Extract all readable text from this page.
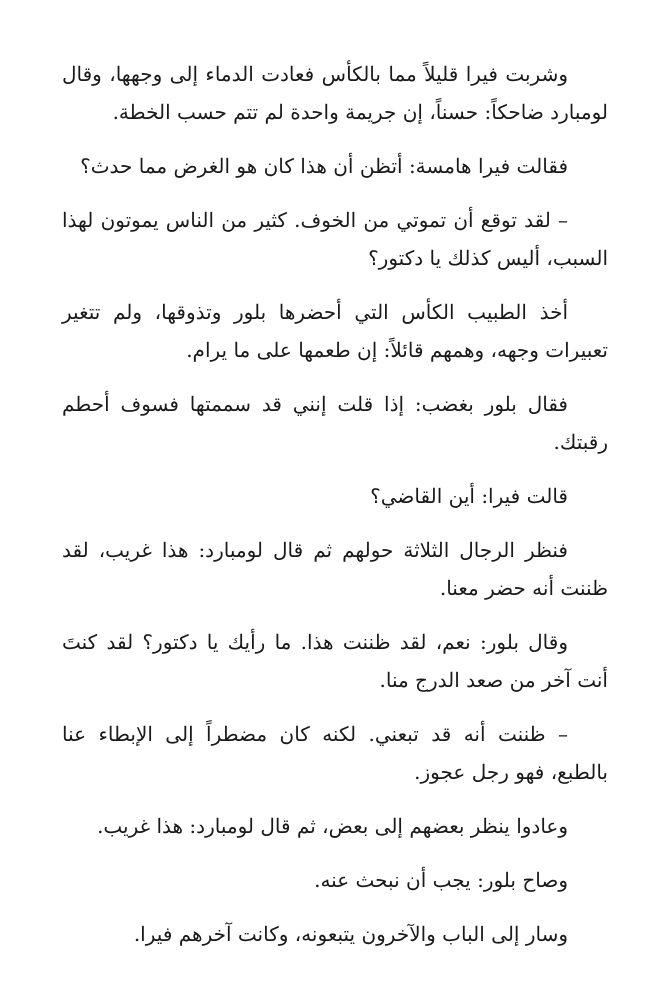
وشربت فيرا قليلاً مما بالكأس فعادت الدماء إلى وجهها، وقال لومبارد ضاحكاً: حسناً، إن جريمة واحدة لم تتم حسب الخطة.

فقالت فيرا هامسة: أتظن أن هذا كان هو الغرض مما حدث؟

– لقد توقع أن تموتي من الخوف. كثير من الناس يموتون لهذا السبب، أليس كذلك يا دكتور؟

أخذ الطبيب الكأس التي أحضرها بلور وتذوقها، ولم تتغير تعبيرات وجهه، وهمهم قائلاً: إن طعمها على ما يرام.

فقال بلور بغضب: إذا قلت إنني قد سممتها فسوف أحطم رقبتك.

قالت فيرا: أين القاضي؟

فنظر الرجال الثلاثة حولهم ثم قال لومبارد: هذا غريب، لقد ظننت أنه حضر معنا.

وقال بلور: نعم، لقد ظننت هذا. ما رأيك يا دكتور؟ لقد كنتَ أنت آخر من صعد الدرج منا.

– ظننت أنه قد تبعني. لكنه كان مضطراً إلى الإبطاء عنا بالطبع، فهو رجل عجوز.

وعادوا ينظر بعضهم إلى بعض، ثم قال لومبارد: هذا غريب.

وصاح بلور: يجب أن نبحث عنه.

وسار إلى الباب والآخرون يتبعونه، وكانت آخرهم فيرا.
